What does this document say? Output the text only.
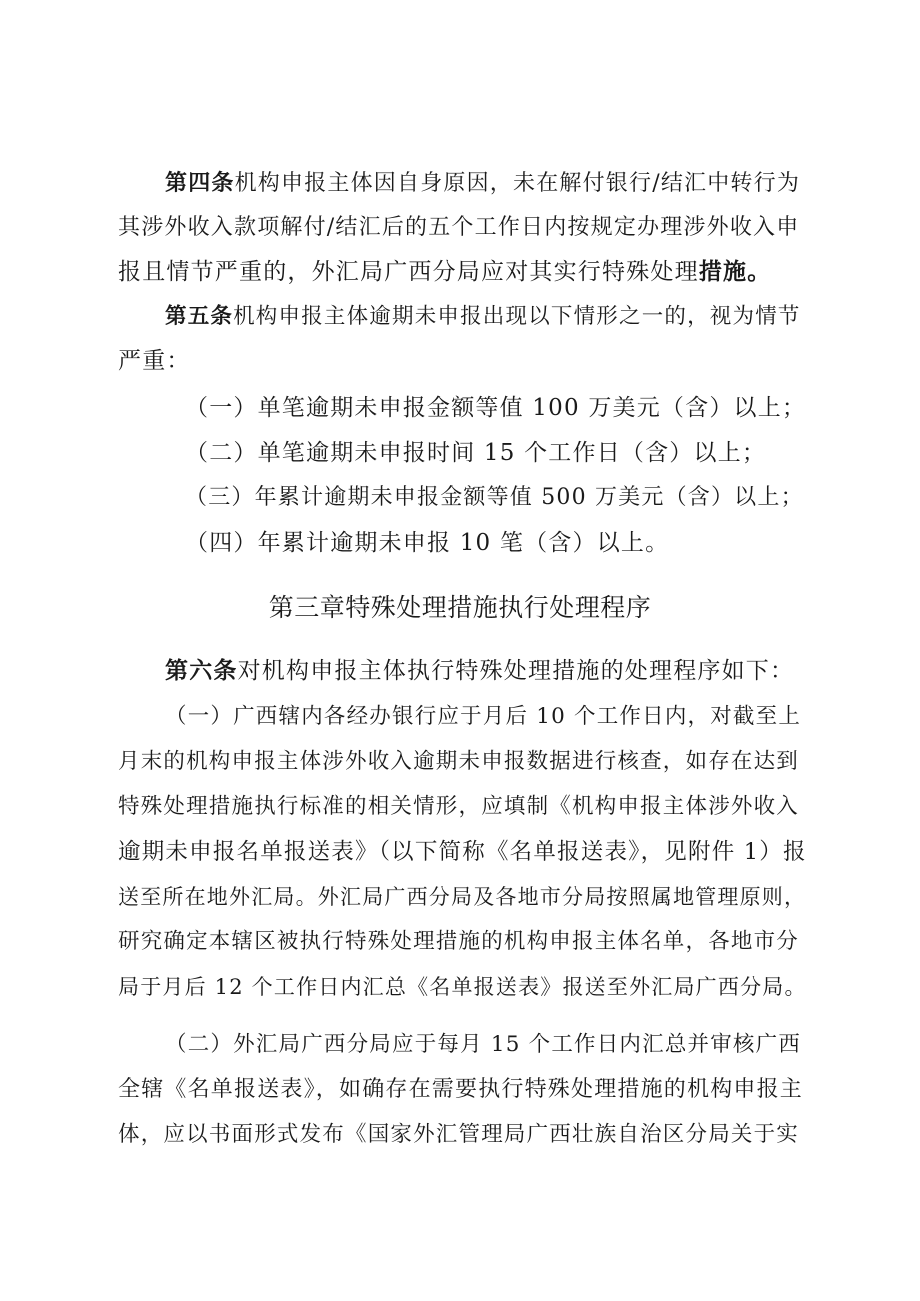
第四条机构申报主体因自身原因，未在解付银行/结汇中转行为
其涉外收入款项解付/结汇后的五个工作日内按规定办理涉外收入申
报且情节严重的，外汇局广西分局应对其实行特殊处理措施。
第五条机构申报主体逾期未申报出现以下情形之一的，视为情节
严重：
（一）单笔逾期未申报金额等值 100 万美元（含）以上；
（二）单笔逾期未申报时间 15 个工作日（含）以上；
（三）年累计逾期未申报金额等值 500 万美元（含）以上；
（四）年累计逾期未申报 10 笔（含）以上。
第三章特殊处理措施执行处理程序
第六条对机构申报主体执行特殊处理措施的处理程序如下：
（一）广西辖内各经办银行应于月后 10 个工作日内，对截至上
月末的机构申报主体涉外收入逾期未申报数据进行核查，如存在达到
特殊处理措施执行标准的相关情形，应填制《机构申报主体涉外收入
逾期未申报名单报送表》（以下简称《名单报送表》，见附件 1）报
送至所在地外汇局。外汇局广西分局及各地市分局按照属地管理原则，
研究确定本辖区被执行特殊处理措施的机构申报主体名单，各地市分
局于月后 12 个工作日内汇总《名单报送表》报送至外汇局广西分局。
（二）外汇局广西分局应于每月 15 个工作日内汇总并审核广西
全辖《名单报送表》，如确存在需要执行特殊处理措施的机构申报主
体，应以书面形式发布《国家外汇管理局广西壮族自治区分局关于实
